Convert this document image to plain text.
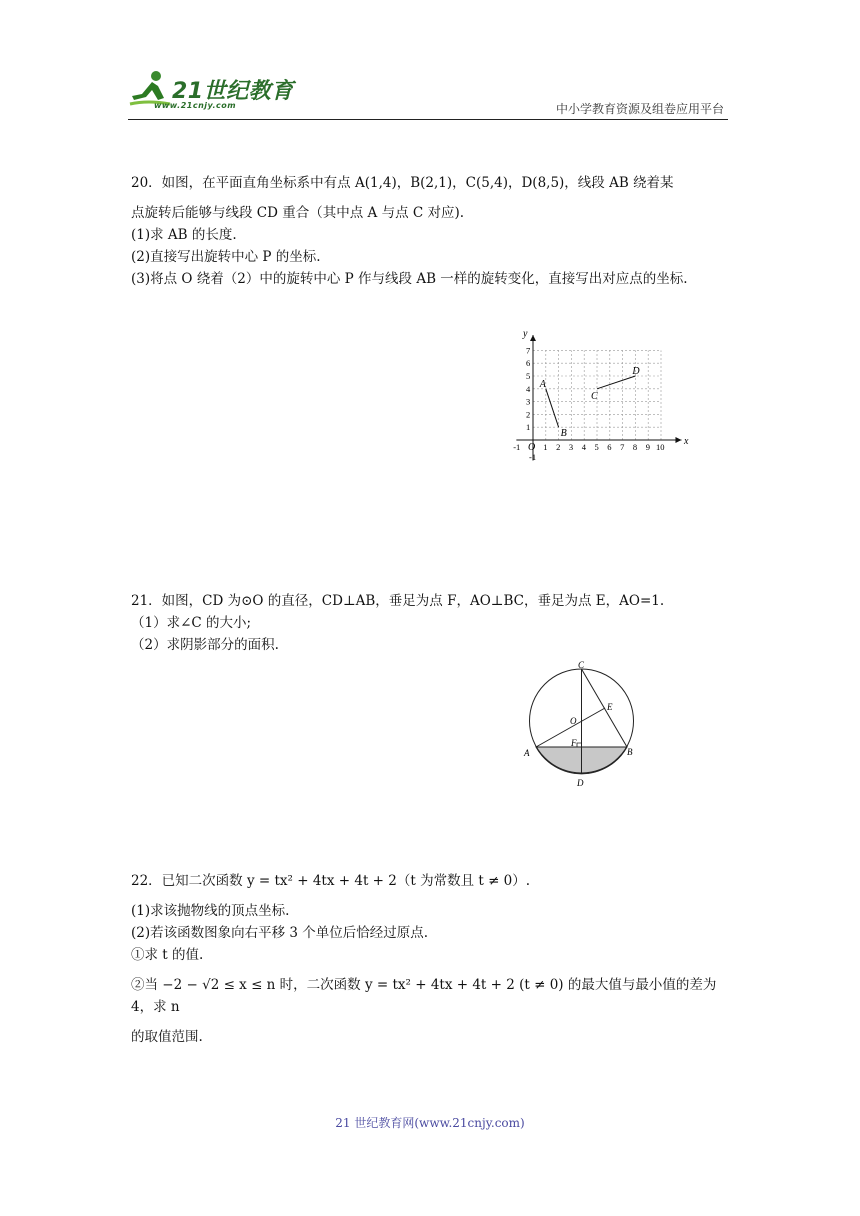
21世纪教育
www.21cnjy.com	中小学教育资源及组卷应用平台

20．如图，在平面直角坐标系中有点 A(1,4)，B(2,1)，C(5,4)，D(8,5)，线段 AB 绕着某

点旋转后能够与线段 CD 重合（其中点 A 与点 C 对应).

(1)求 AB 的长度.

(2)直接写出旋转中心 P 的坐标.

(3)将点 O 绕着（2）中的旋转中心 P 作与线段 AB 一样的旋转变化，直接写出对应点的坐标.

x
y
O
-1	1 2 3 4 5 6 7 8 9 10
-1
1
2
3
4
5
6
7
A
B
C
D

21．如图，CD 为⊙O 的直径，CD⊥AB，垂足为点 F，AO⊥BC，垂足为点 E，AO=1.

（1）求∠C 的大小;

（2）求阴影部分的面积.

C
O
E
F
A	B
D

22．已知二次函数 y = tx² + 4tx + 4t + 2（t 为常数且 t ≠ 0）.

(1)求该抛物线的顶点坐标.

(2)若该函数图象向右平移 3 个单位后恰经过原点.

①求 t 的值.

②当 −2 − √2 ≤ x ≤ n 时，二次函数 y = tx² + 4tx + 4t + 2 (t ≠ 0) 的最大值与最小值的差为 4，求 n

的取值范围.

21 世纪教育网(www.21cnjy.com)
